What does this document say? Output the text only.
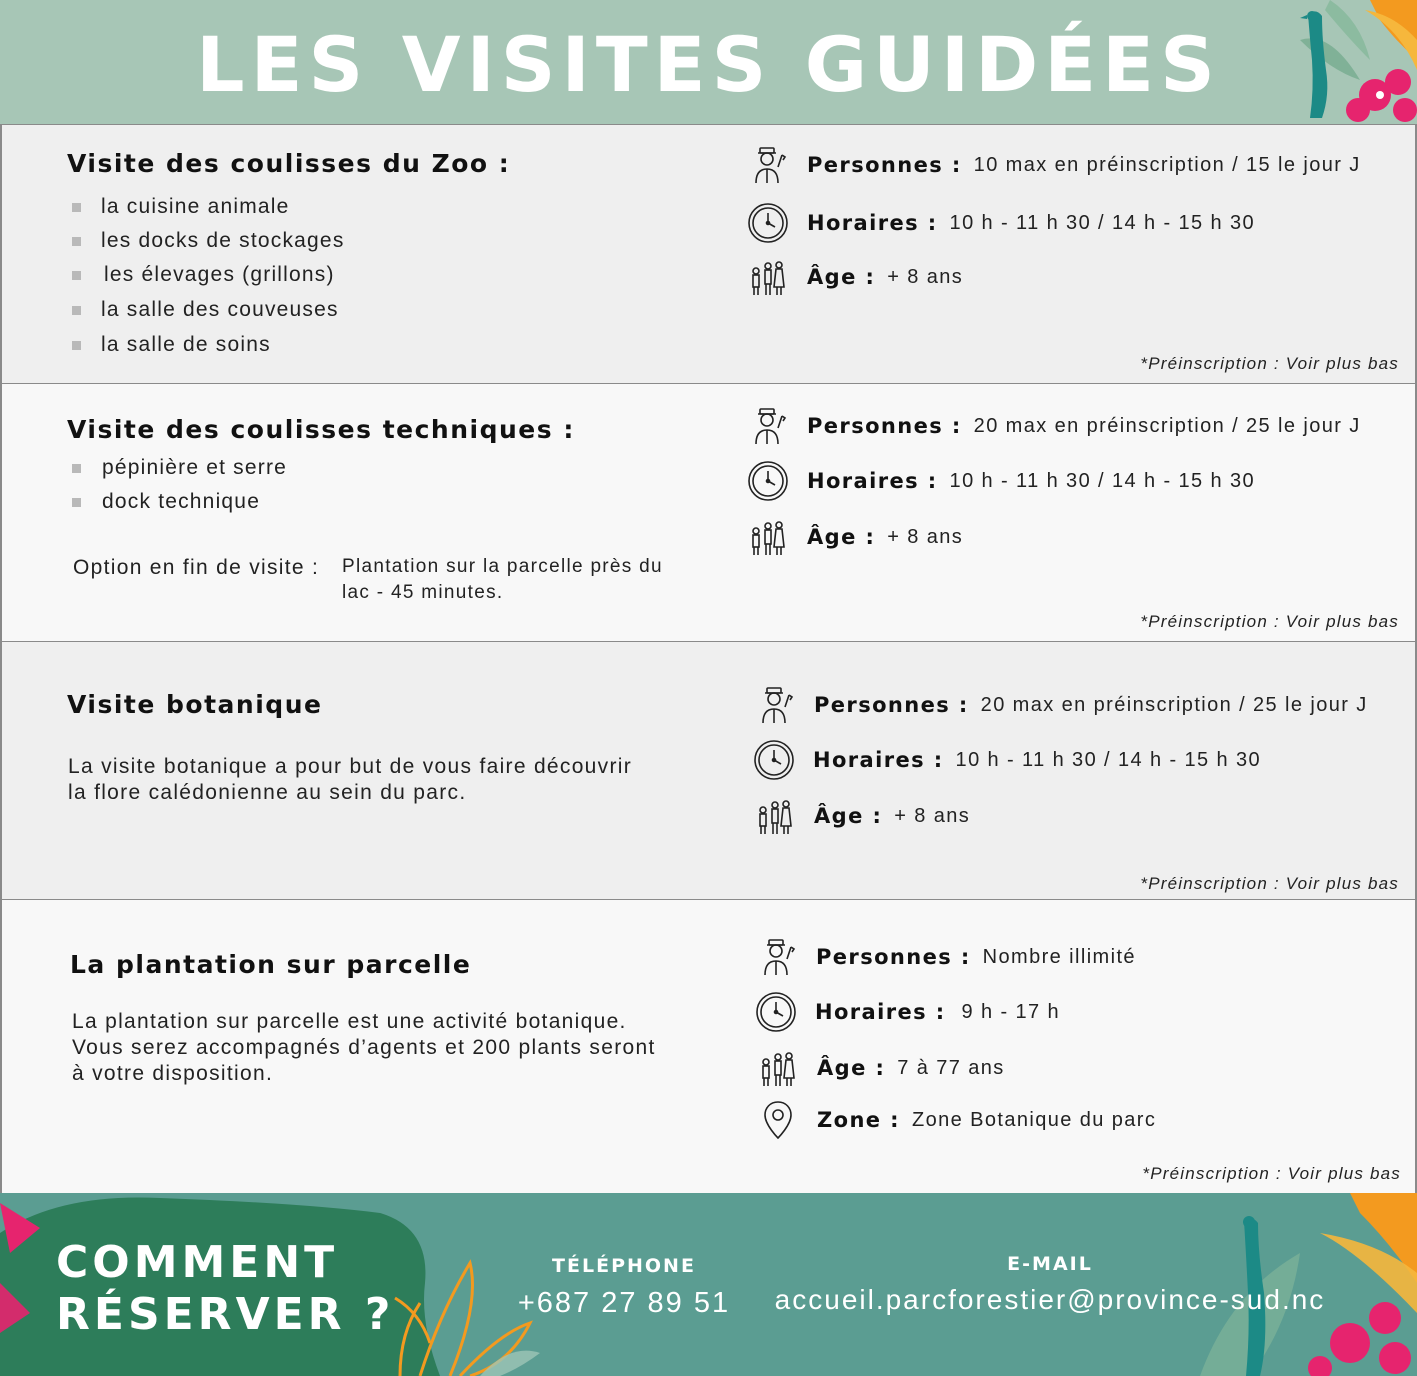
LES VISITES GUIDÉES
Visite des coulisses du Zoo :
la cuisine animale
les docks de stockages
les élevages (grillons)
la salle des couveuses
la salle de soins
Personnes : 10 max en préinscription / 15 le jour J
Horaires : 10 h - 11 h 30 / 14 h - 15 h 30
Âge : + 8 ans
*Préinscription : Voir plus bas
Visite des coulisses techniques :
pépinière et serre
dock technique
Option en fin de visite : Plantation sur la parcelle près du
lac - 45 minutes.
Personnes : 20 max en préinscription / 25 le jour J
Horaires : 10 h - 11 h 30 / 14 h - 15 h 30
Âge : + 8 ans
*Préinscription : Voir plus bas
Visite botanique
La visite botanique a pour but de vous faire découvrir
la flore calédonienne au sein du parc.
Personnes : 20 max en préinscription / 25 le jour J
Horaires : 10 h - 11 h 30 / 14 h - 15 h 30
Âge : + 8 ans
*Préinscription : Voir plus bas
La plantation sur parcelle
La plantation sur parcelle est une activité botanique.
Vous serez accompagnés d’agents et 200 plants seront
à votre disposition.
Personnes : Nombre illimité
Horaires : 9 h - 17 h
Âge : 7 à 77 ans
Zone : Zone Botanique du parc
*Préinscription : Voir plus bas
COMMENT
RÉSERVER ?
TÉLÉPHONE
+687 27 89 51
E-MAIL
accueil.parcforestier@province-sud.nc
